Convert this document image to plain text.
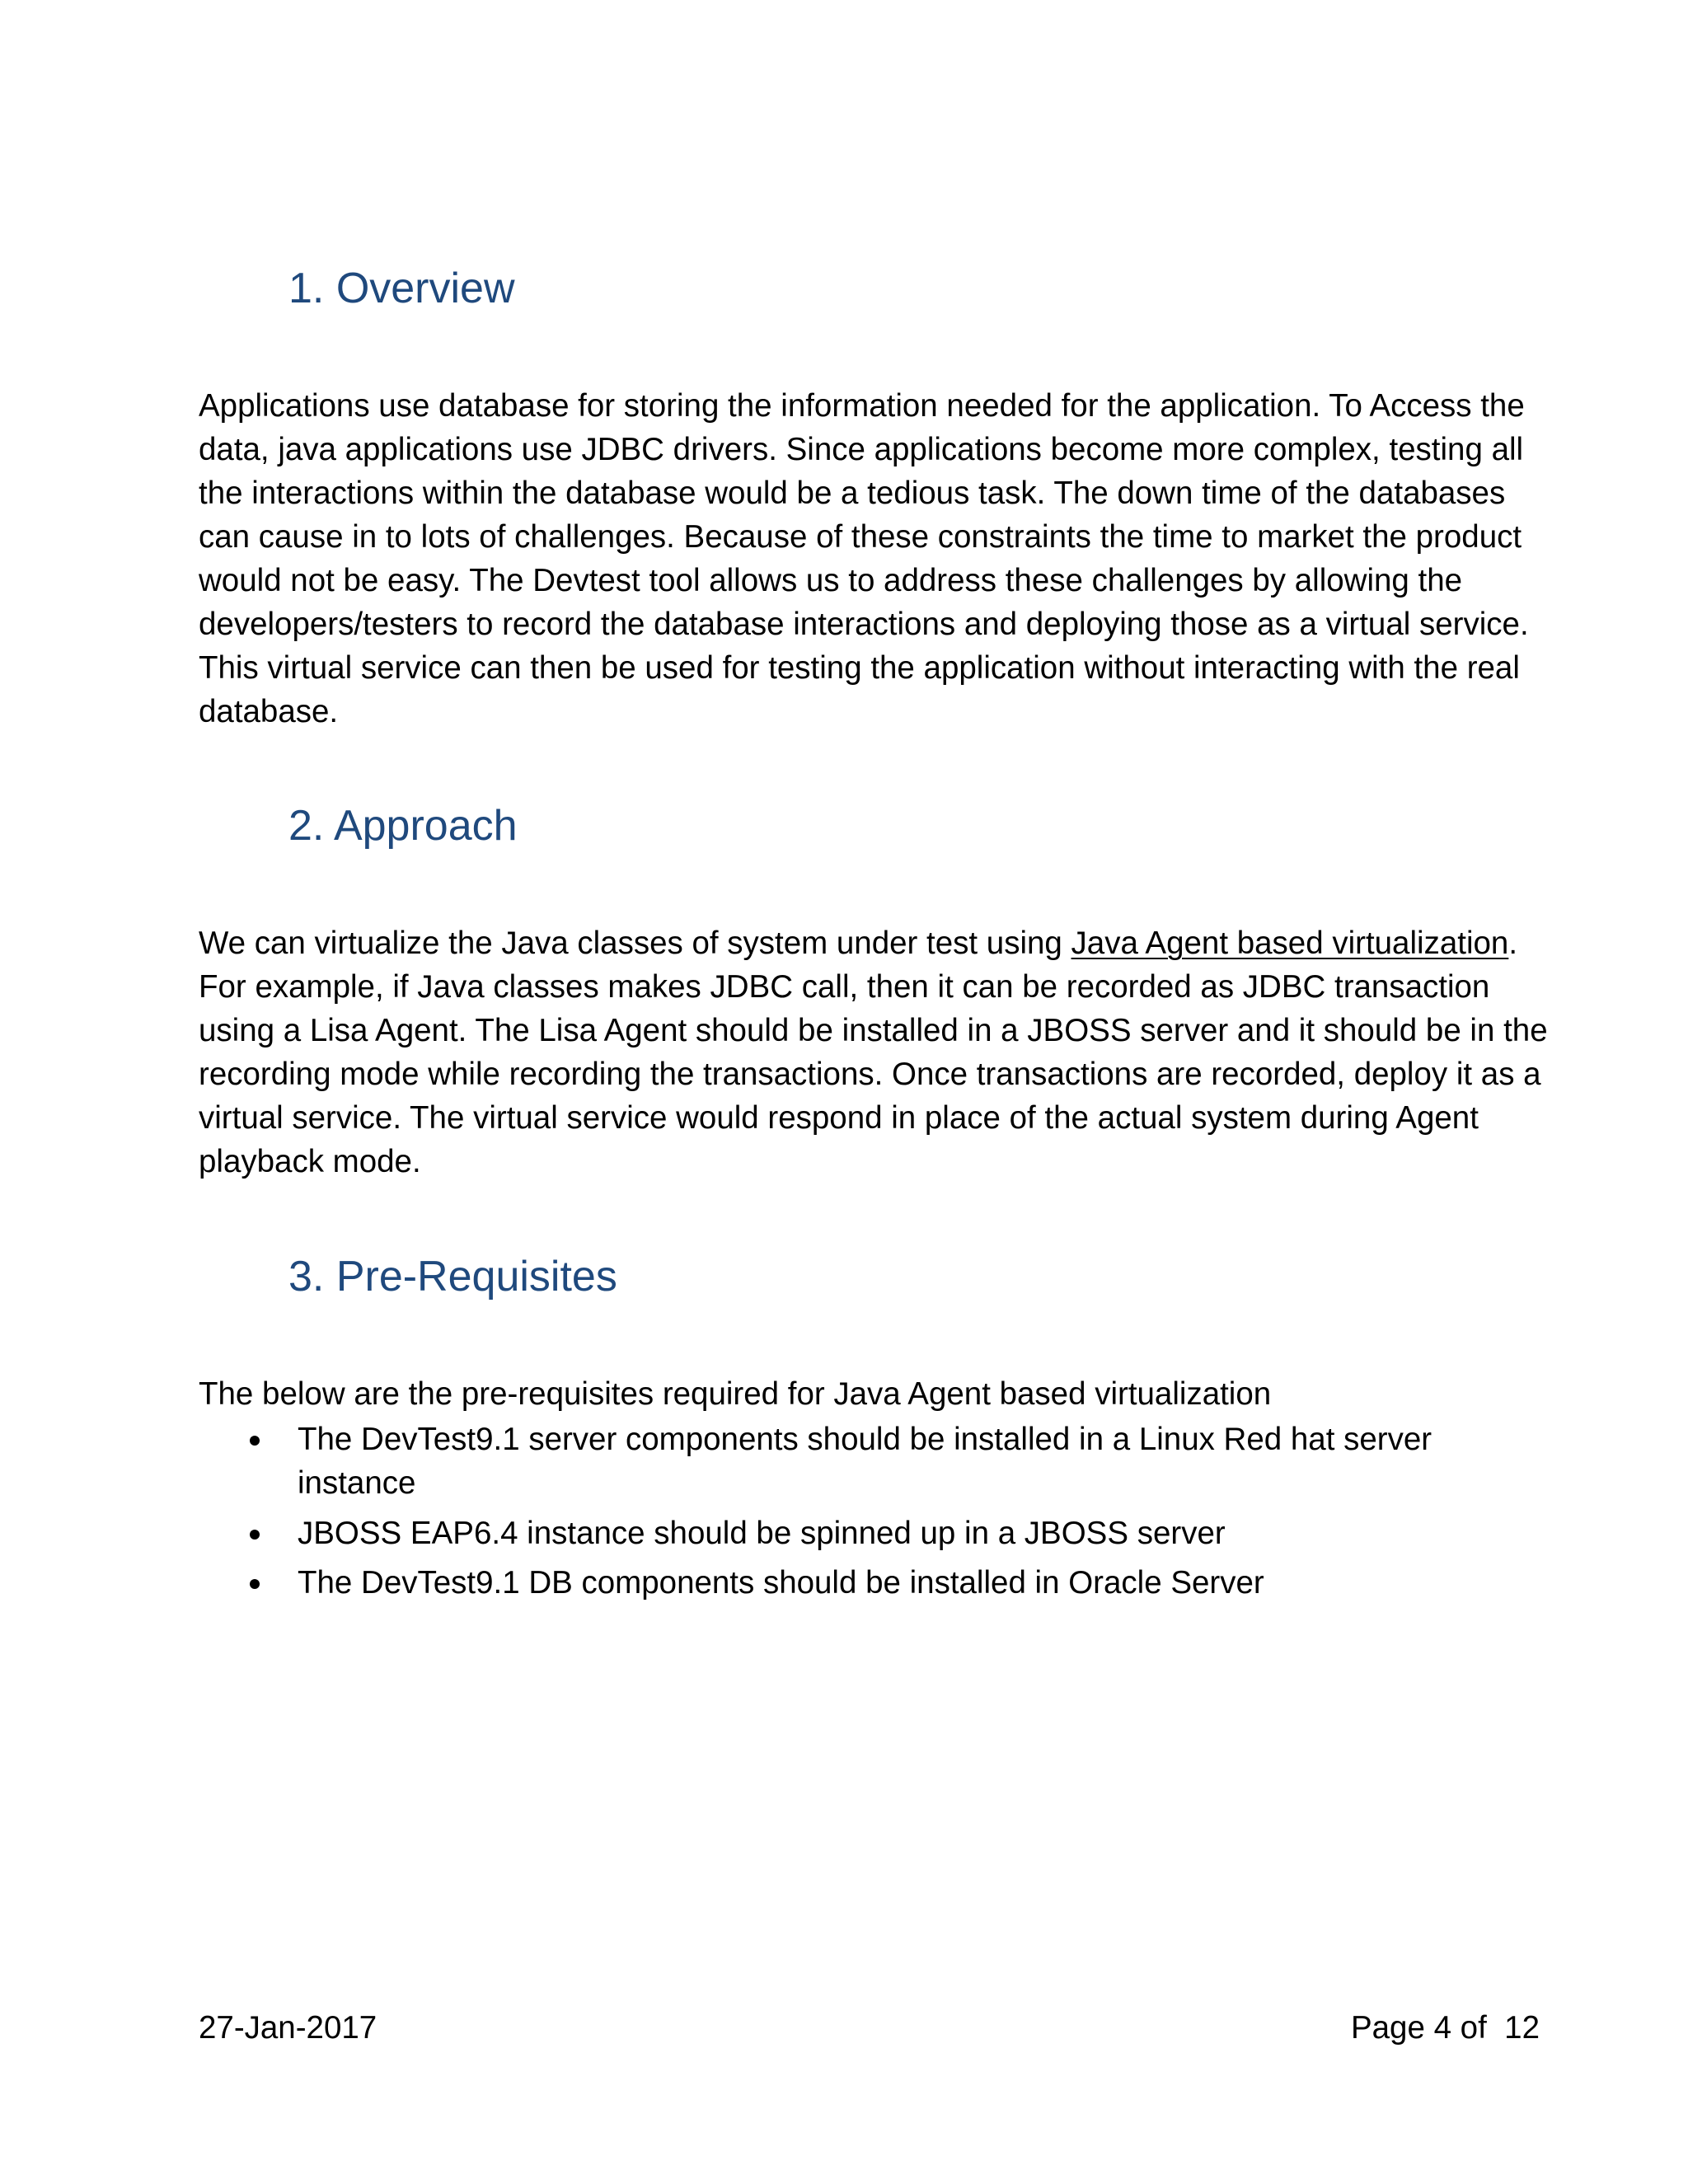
1. Overview

Applications use database for storing the information needed for the application. To Access the data, java applications use JDBC drivers. Since applications become more complex, testing all the interactions within the database would be a tedious task. The down time of the databases can cause in to lots of challenges. Because of these constraints the time to market the product would not be easy. The Devtest tool allows us to address these challenges by allowing the developers/testers to record the database interactions and deploying those as a virtual service. This virtual service can then be used for testing the application without interacting with the real database.

2. Approach

We can virtualize the Java classes of system under test using Java Agent based virtualization. For example, if Java classes makes JDBC call, then it can be recorded as JDBC transaction using a Lisa Agent. The Lisa Agent should be installed in a JBOSS server and it should be in the recording mode while recording the transactions. Once transactions are recorded, deploy it as a virtual service. The virtual service would respond in place of the actual system during Agent playback mode.

3. Pre-Requisites

The below are the pre-requisites required for Java Agent based virtualization

The DevTest9.1 server components should be installed in a Linux Red hat server instance
JBOSS EAP6.4 instance should be spinned up in a JBOSS server
The DevTest9.1 DB components should be installed in Oracle Server
27-Jan-2017	Page 4 of  12
